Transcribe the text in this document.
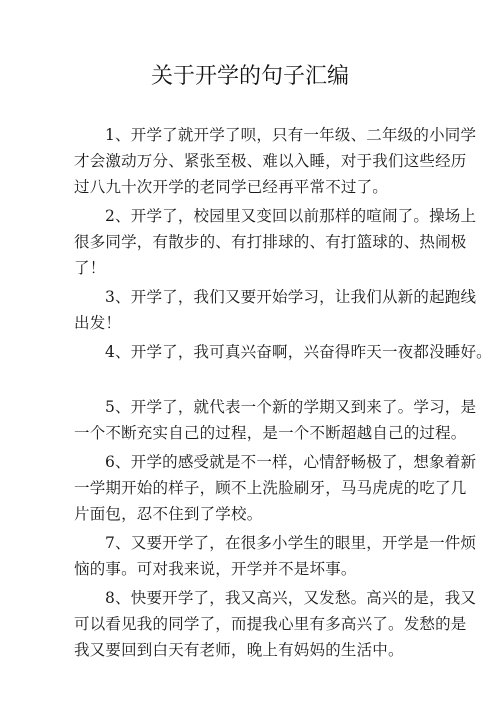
关于开学的句子汇编
1、开学了就开学了呗，只有一年级、二年级的小同学
才会激动万分、紧张至极、难以入睡，对于我们这些经历
过八九十次开学的老同学已经再平常不过了。
2、开学了，校园里又变回以前那样的喧闹了。操场上
很多同学，有散步的、有打排球的、有打篮球的、热闹极
了！
3、开学了，我们又要开始学习，让我们从新的起跑线
出发！
4、开学了，我可真兴奋啊，兴奋得昨天一夜都没睡好。
5、开学了，就代表一个新的学期又到来了。学习，是
一个不断充实自己的过程，是一个不断超越自己的过程。
6、开学的感受就是不一样，心情舒畅极了，想象着新
一学期开始的样子，顾不上洗脸刷牙，马马虎虎的吃了几
片面包，忍不住到了学校。
7、又要开学了，在很多小学生的眼里，开学是一件烦
恼的事。可对我来说，开学并不是坏事。
8、快要开学了，我又高兴，又发愁。高兴的是，我又
可以看见我的同学了，而提我心里有多高兴了。发愁的是
我又要回到白天有老师，晚上有妈妈的生活中。
